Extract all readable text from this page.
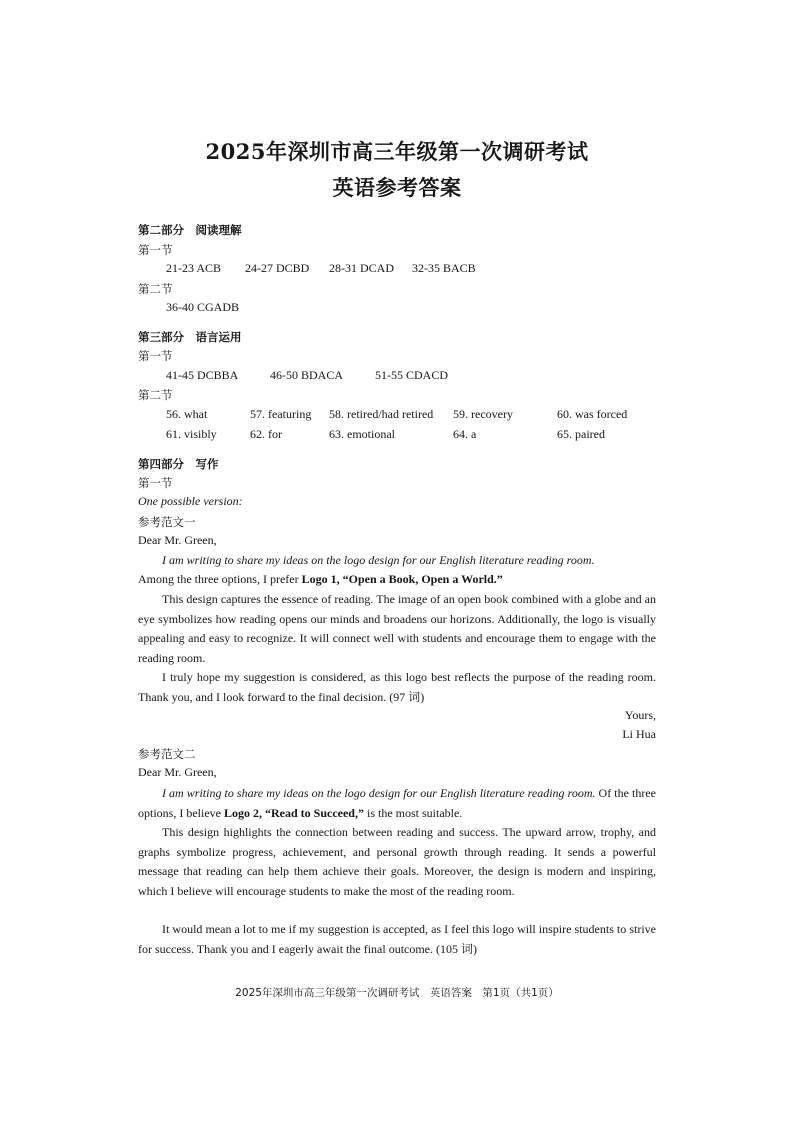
2025年深圳市高三年级第一次调研考试
英语参考答案
第二部分　阅读理解
第一节
21-23 ACB 24-27 DCBD 28-31 DCAD 32-35 BACB
第二节
36-40 CGADB
第三部分　语言运用
第一节
41-45 DCBBA	46-50 BDACA	51-55 CDACD
第二节
56. what	57. featuring 58. retired/had retired 59. recovery	60. was forced
61. visibly	62. for	63. emotional	64. a	65. paired
第四部分　写作
第一节
One possible version:
参考范文一
Dear Mr. Green,
I am writing to share my ideas on the logo design for our English literature reading room.
Among the three options, I prefer Logo 1, “Open a Book, Open a World.”
This design captures the essence of reading. The image of an open book combined with a globe and an eye symbolizes how reading opens our minds and broadens our horizons. Additionally, the logo is visually appealing and easy to recognize. It will connect well with students and encourage them to engage with the reading room.
I truly hope my suggestion is considered, as this logo best reflects the purpose of the reading room. Thank you, and I look forward to the final decision. (97 词)
Yours,
Li Hua
参考范文二
Dear Mr. Green,
I am writing to share my ideas on the logo design for our English literature reading room. Of the three options, I believe Logo 2, “Read to Succeed,” is the most suitable.
This design highlights the connection between reading and success. The upward arrow, trophy, and graphs symbolize progress, achievement, and personal growth through reading. It sends a powerful message that reading can help them achieve their goals. Moreover, the design is modern and inspiring, which I believe will encourage students to make the most of the reading room.
It would mean a lot to me if my suggestion is accepted, as I feel this logo will inspire students to strive for success. Thank you and I eagerly await the final outcome. (105 词)
2025年深圳市高三年级第一次调研考试　英语答案　第1页（共1页）
